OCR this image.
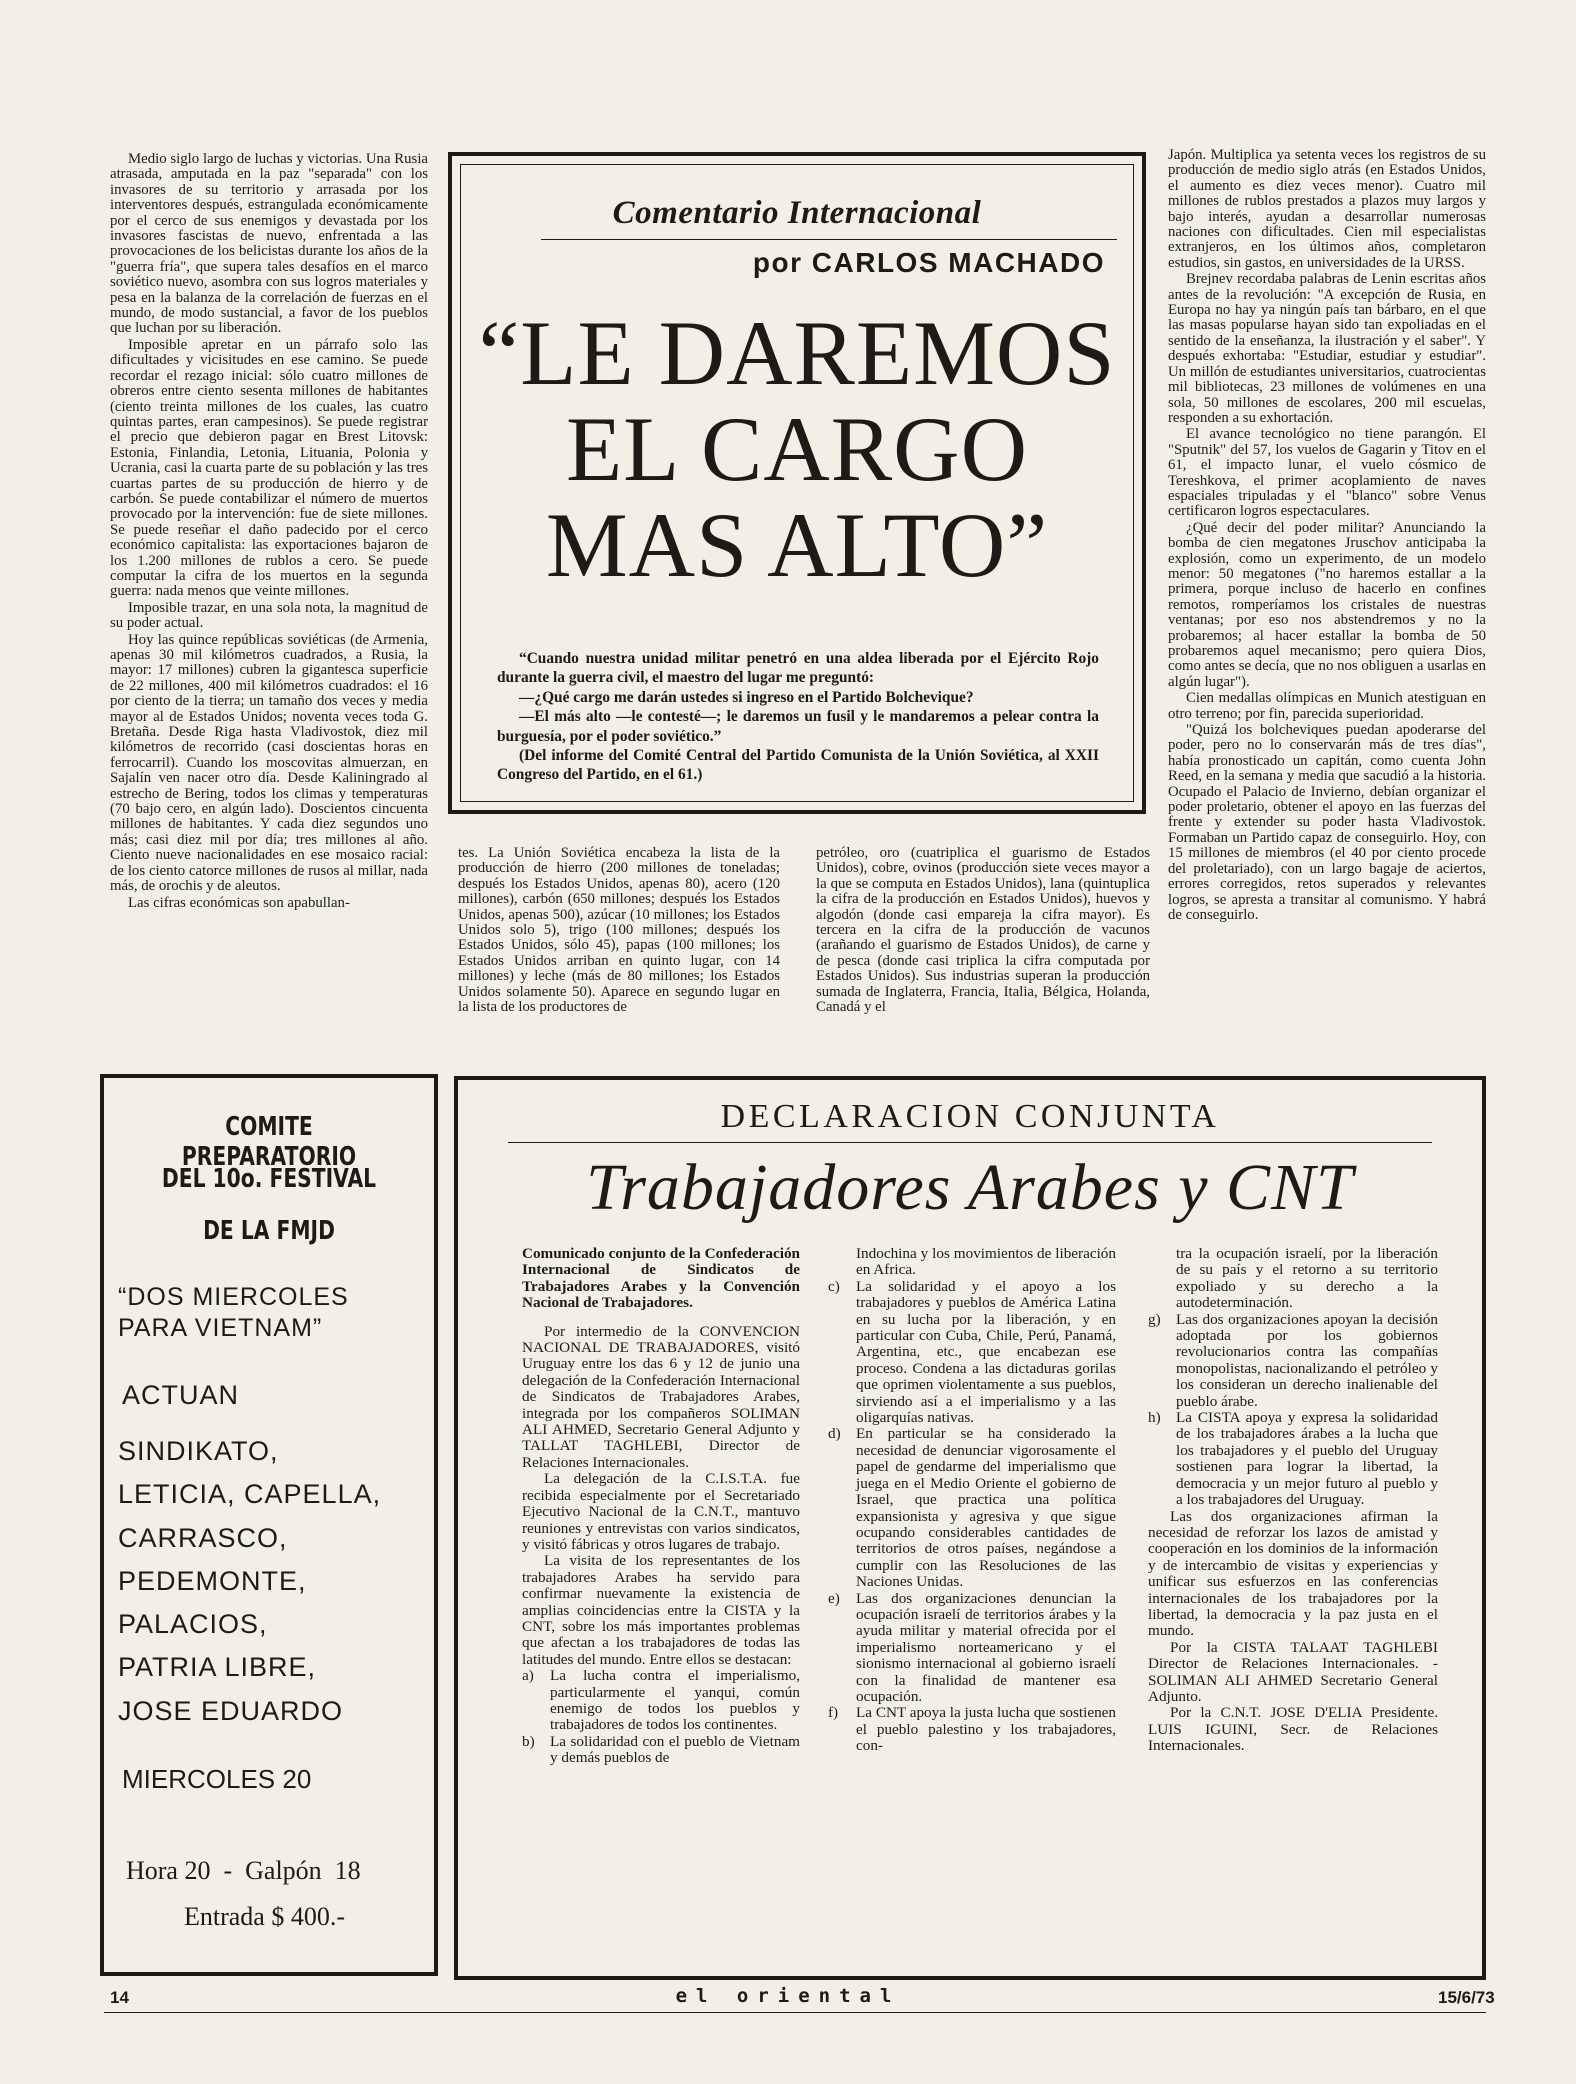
Medio siglo largo de luchas y victorias. Una Rusia atrasada, amputada en la paz "separada" con los invasores de su territorio y arrasada por los interventores después, estrangulada económicamente por el cerco de sus enemigos y devastada por los invasores fascistas de nuevo, enfrentada a las provocaciones de los belicistas durante los años de la "guerra fría", que supera tales desafíos en el marco soviético nuevo, asombra con sus logros materiales y pesa en la balanza de la correlación de fuerzas en el mundo, de modo sustancial, a favor de los pueblos que luchan por su liberación.

Imposible apretar en un párrafo solo las dificultades y vicisitudes en ese camino. Se puede recordar el rezago inicial: sólo cuatro millones de obreros entre ciento sesenta millones de habitantes (ciento treinta millones de los cuales, las cuatro quintas partes, eran campesinos). Se puede registrar el precio que debieron pagar en Brest Litovsk: Estonia, Finlandia, Letonia, Lituania, Polonia y Ucrania, casi la cuarta parte de su población y las tres cuartas partes de su producción de hierro y de carbón. Se puede contabilizar el número de muertos provocado por la intervención: fue de siete millones. Se puede reseñar el daño padecido por el cerco económico capitalista: las exportaciones bajaron de los 1.200 millones de rublos a cero. Se puede computar la cifra de los muertos en la segunda guerra: nada menos que veinte millones.

Imposible trazar, en una sola nota, la magnitud de su poder actual.

Hoy las quince repúblicas soviéticas (de Armenia, apenas 30 mil kilómetros cuadrados, a Rusia, la mayor: 17 millones) cubren la gigantesca superficie de 22 millones, 400 mil kilómetros cuadrados: el 16 por ciento de la tierra; un tamaño dos veces y media mayor al de Estados Unidos; noventa veces toda G. Bretaña. Desde Riga hasta Vladivostok, diez mil kilómetros de recorrido (casi doscientas horas en ferrocarril). Cuando los moscovitas almuerzan, en Sajalín ven nacer otro día. Desde Kaliningrado al estrecho de Bering, todos los climas y temperaturas (70 bajo cero, en algún lado). Doscientos cincuenta millones de habitantes. Y cada diez segundos uno más; casi diez mil por día; tres millones al año. Ciento nueve nacionalidades en ese mosaico racial: de los ciento catorce millones de rusos al millar, nada más, de orochis y de aleutos.

Las cifras económicas son apabullan-

Comentario Internacional
por CARLOS MACHADO
“LE DAREMOS
EL CARGO
MAS ALTO”

“Cuando nuestra unidad militar penetró en una aldea liberada por el Ejército Rojo durante la guerra civil, el maestro del lugar me preguntó:

—¿Qué cargo me darán ustedes si ingreso en el Partido Bolchevique?

—El más alto —le contesté—; le daremos un fusil y le mandaremos a pelear contra la burguesía, por el poder soviético.”

(Del informe del Comité Central del Partido Comunista de la Unión Soviética, al XXII Congreso del Partido, en el 61.)

tes. La Unión Soviética encabeza la lista de la producción de hierro (200 millones de toneladas; después los Estados Unidos, apenas 80), acero (120 millones), carbón (650 millones; después los Estados Unidos, apenas 500), azúcar (10 millones; los Estados Unidos solo 5), trigo (100 millones; después los Estados Unidos, sólo 45), papas (100 millones; los Estados Unidos arriban en quinto lugar, con 14 millones) y leche (más de 80 millones; los Estados Unidos solamente 50). Aparece en segundo lugar en la lista de los productores de

petróleo, oro (cuatriplica el guarismo de Estados Unidos), cobre, ovinos (producción siete veces mayor a la que se computa en Estados Unidos), lana (quintuplica la cifra de la producción en Estados Unidos), huevos y algodón (donde casi empareja la cifra mayor). Es tercera en la cifra de la producción de vacunos (arañando el guarismo de Estados Unidos), de carne y de pesca (donde casi triplica la cifra computada por Estados Unidos). Sus industrias superan la producción sumada de Inglaterra, Francia, Italia, Bélgica, Holanda, Canadá y el

Japón. Multiplica ya setenta veces los registros de su producción de medio siglo atrás (en Estados Unidos, el aumento es diez veces menor). Cuatro mil millones de rublos prestados a plazos muy largos y bajo interés, ayudan a desarrollar numerosas naciones con dificultades. Cien mil especialistas extranjeros, en los últimos años, completaron estudios, sin gastos, en universidades de la URSS.

Brejnev recordaba palabras de Lenin escritas años antes de la revolución: "A excepción de Rusia, en Europa no hay ya ningún país tan bárbaro, en el que las masas popularse hayan sido tan expoliadas en el sentido de la enseñanza, la ilustración y el saber". Y después exhortaba: "Estudiar, estudiar y estudiar". Un millón de estudiantes universitarios, cuatrocientas mil bibliotecas, 23 millones de volúmenes en una sola, 50 millones de escolares, 200 mil escuelas, responden a su exhortación.

El avance tecnológico no tiene parangón. El "Sputnik" del 57, los vuelos de Gagarin y Titov en el 61, el impacto lunar, el vuelo cósmico de Tereshkova, el primer acoplamiento de naves espaciales tripuladas y el "blanco" sobre Venus certificaron logros espectaculares.

¿Qué decir del poder militar? Anunciando la bomba de cien megatones Jruschov anticipaba la explosión, como un experimento, de un modelo menor: 50 megatones ("no haremos estallar a la primera, porque incluso de hacerlo en confines remotos, romperíamos los cristales de nuestras ventanas; por eso nos abstendremos y no la probaremos; al hacer estallar la bomba de 50 probaremos aquel mecanismo; pero quiera Dios, como antes se decía, que no nos obliguen a usarlas en algún lugar").

Cien medallas olímpicas en Munich atestiguan en otro terreno; por fin, parecida superioridad.

"Quizá los bolcheviques puedan apoderarse del poder, pero no lo conservarán más de tres días", había pronosticado un capitán, como cuenta John Reed, en la semana y media que sacudió a la historia. Ocupado el Palacio de Invierno, debían organizar el poder proletario, obtener el apoyo en las fuerzas del frente y extender su poder hasta Vladivostok. Formaban un Partido capaz de conseguirlo. Hoy, con 15 millones de miembros (el 40 por ciento procede del proletariado), con un largo bagaje de aciertos, errores corregidos, retos superados y relevantes logros, se apresta a transitar al comunismo. Y habrá de conseguirlo.

COMITE PREPARATORIO
DEL 10o. FESTIVAL
DE LA FMJD
“DOS MIERCOLES
PARA VIETNAM”
ACTUAN
SINDIKATO,
LETICIA, CAPELLA,
CARRASCO,
PEDEMONTE,
PALACIOS,
PATRIA LIBRE,
JOSE EDUARDO
MIERCOLES 20
Hora 20  -  Galpón  18
Entrada $ 400.-
DECLARACION CONJUNTA
Trabajadores Arabes y CNT

Comunicado conjunto de la Confederación Internacional de Sindicatos de Trabajadores Arabes y la Convención Nacional de Trabajadores.

Por intermedio de la CONVENCION NACIONAL DE TRABAJADORES, visitó Uruguay entre los das 6 y 12 de junio una delegación de la Confederación Internacional de Sindicatos de Trabajadores Arabes, integrada por los compañeros SOLIMAN ALI AHMED, Secretario General Adjunto y TALLAT TAGHLEBI, Director de Relaciones Internacionales.

La delegación de la C.I.S.T.A. fue recibida especialmente por el Secretariado Ejecutivo Nacional de la C.N.T., mantuvo reuniones y entrevistas con varios sindicatos, y visitó fábricas y otros lugares de trabajo.

La visita de los representantes de los trabajadores Arabes ha servido para confirmar nuevamente la existencia de amplias coincidencias entre la CISTA y la CNT, sobre los más importantes problemas que afectan a los trabajadores de todas las latitudes del mundo. Entre ellos se destacan:

a)	La lucha contra el imperialismo, particularmente el yanqui, común enemigo de todos los pueblos y trabajadores de todos los continentes.

b)	La solidaridad con el pueblo de Vietnam y demás pueblos de

Indochina y los movimientos de liberación en Africa.

c)	La solidaridad y el apoyo a los trabajadores y pueblos de América Latina en su lucha por la liberación, y en particular con Cuba, Chile, Perú, Panamá, Argentina, etc., que encabezan ese proceso. Condena a las dictaduras gorilas que oprimen violentamente a sus pueblos, sirviendo así a el imperialismo y a las oligarquías nativas.

d)	En particular se ha considerado la necesidad de denunciar vigorosamente el papel de gendarme del imperialismo que juega en el Medio Oriente el gobierno de Israel, que practica una política expansionista y agresiva y que sigue ocupando considerables cantidades de territorios de otros países, negándose a cumplir con las Resoluciones de las Naciones Unidas.

e)	Las dos organizaciones denuncian la ocupación israelí de territorios árabes y la ayuda militar y material ofrecida por el imperialismo norteamericano y el sionismo internacional al gobierno israelí con la finalidad de mantener esa ocupación.

f)	La CNT apoya la justa lucha que sostienen el pueblo palestino y los trabajadores, con-

tra la ocupación israelí, por la liberación de su país y el retorno a su territorio expoliado y su derecho a la autodeterminación.

g)	Las dos organizaciones apoyan la decisión adoptada por los gobiernos revolucionarios contra las compañías monopolistas, nacionalizando el petróleo y los consideran un derecho inalienable del pueblo árabe.

h)	La CISTA apoya y expresa la solidaridad de los trabajadores árabes a la lucha que los trabajadores y el pueblo del Uruguay sostienen para lograr la libertad, la democracia y un mejor futuro al pueblo y a los trabajadores del Uruguay.

Las dos organizaciones afirman la necesidad de reforzar los lazos de amistad y cooperación en los dominios de la información y de intercambio de visitas y experiencias y unificar sus esfuerzos en las conferencias internacionales de los trabajadores por la libertad, la democracia y la paz justa en el mundo.

Por la CISTA TALAAT TAGHLEBI Director de Relaciones Internacionales. - SOLIMAN ALI AHMED Secretario General Adjunto.

Por la C.N.T. JOSE D'ELIA Presidente. LUIS IGUINI, Secr. de Relaciones Internacionales.

14	el oriental	15/6/73
